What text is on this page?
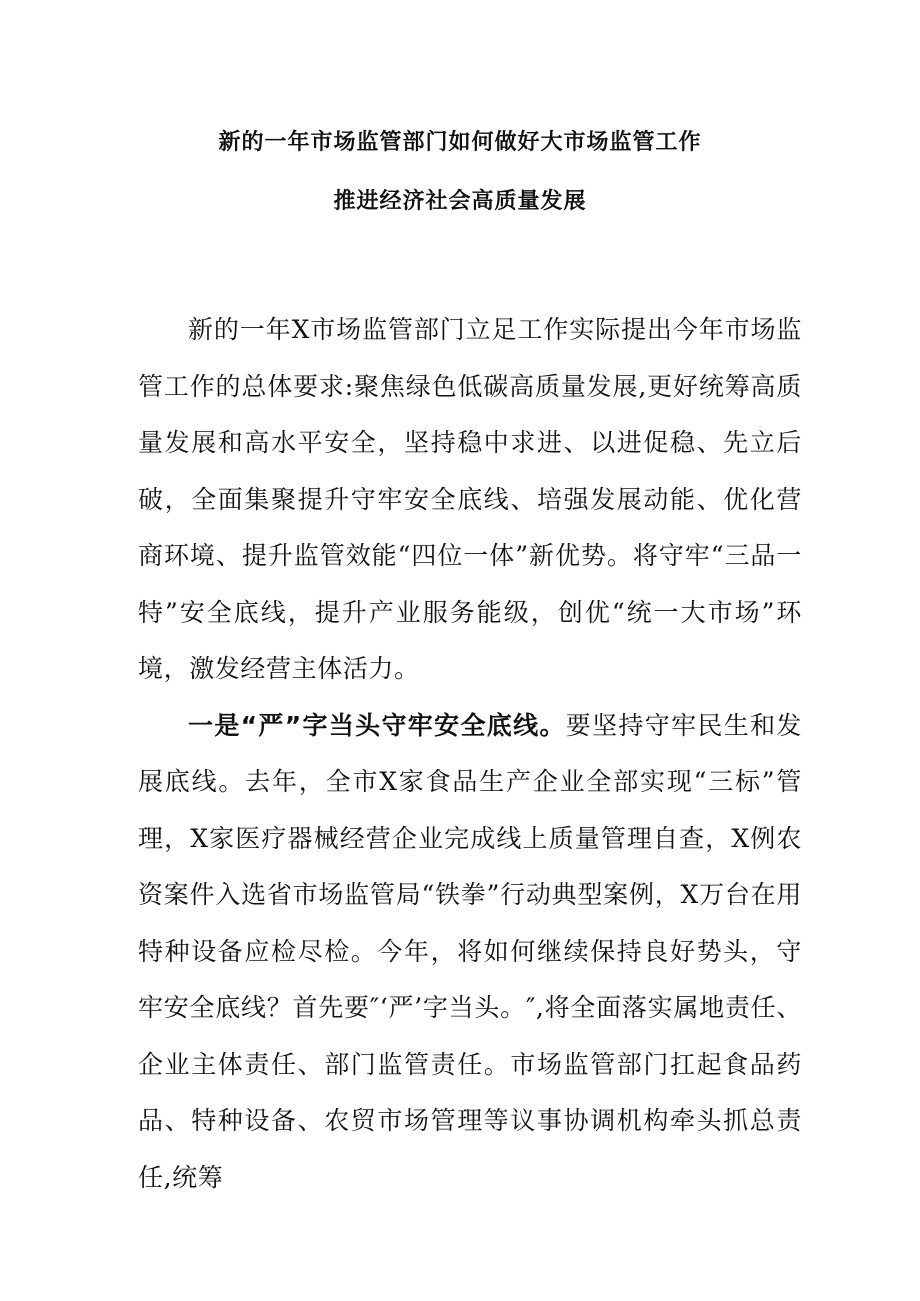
新的一年市场监管部门如何做好大市场监管工作
推进经济社会高质量发展

新的一年X市场监管部门立足工作实际提出今年市场监管工作的总体要求:聚焦绿色低碳高质量发展,更好统筹高质量发展和高水平安全，坚持稳中求进、以进促稳、先立后破，全面集聚提升守牢安全底线、培强发展动能、优化营商环境、提升监管效能“四位一体”新优势。将守牢“三品一特”安全底线，提升产业服务能级，创优“统一大市场”环境，激发经营主体活力。

一是“严”字当头守牢安全底线。要坚持守牢民生和发展底线。去年，全市X家食品生产企业全部实现“三标”管理，X家医疗器械经营企业完成线上质量管理自查，X例农资案件入选省市场监管局“铁拳”行动典型案例，X万台在用特种设备应检尽检。今年，将如何继续保持良好势头，守牢安全底线？首先要″‘严’字当头。″,将全面落实属地责任、企业主体责任、部门监管责任。市场监管部门扛起食品药品、特种设备、农贸市场管理等议事协调机构牵头抓总责任,统筹
